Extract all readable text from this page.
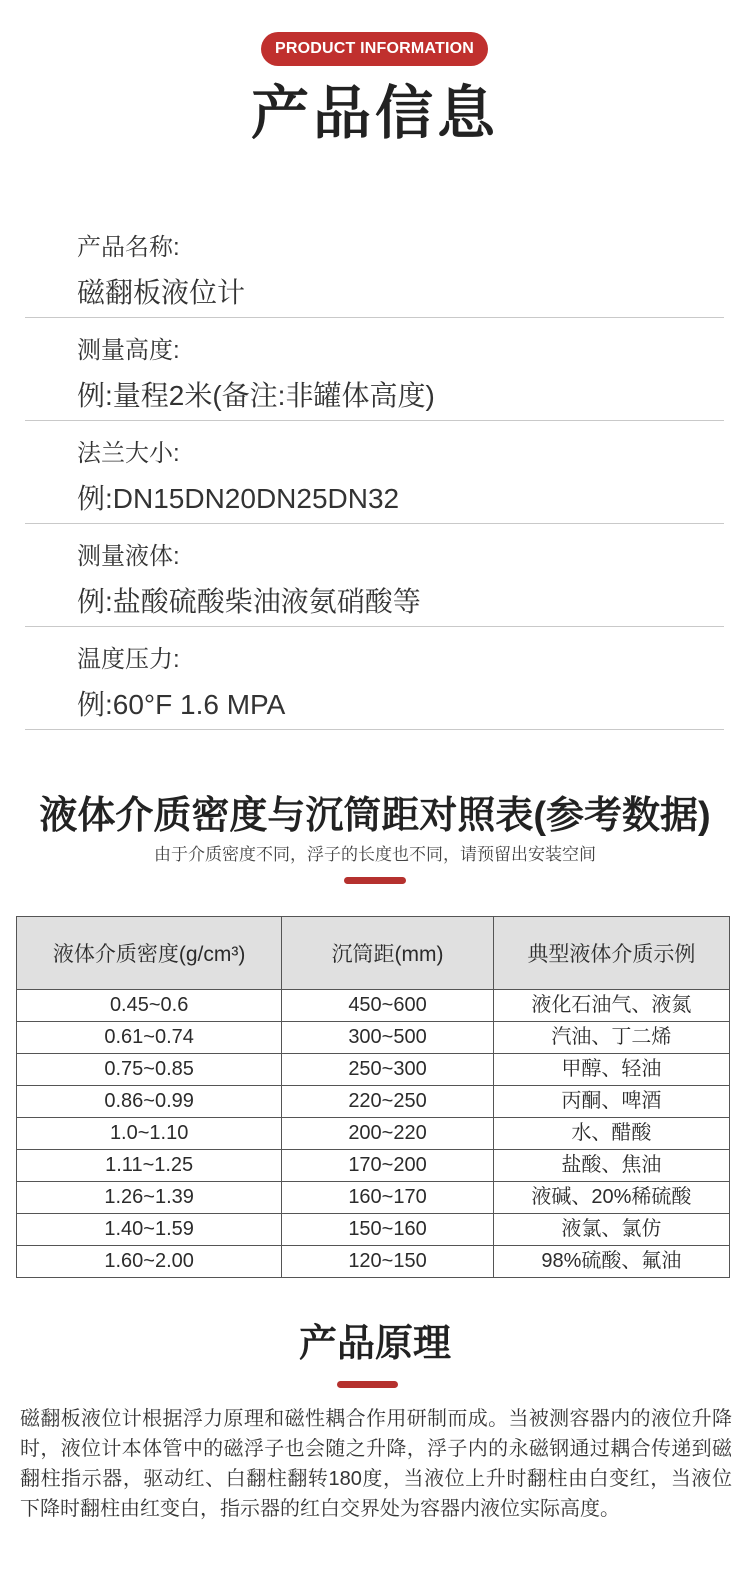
PRODUCT INFORMATION
产品信息
产品名称:
磁翻板液位计
测量高度:
例:量程2米(备注:非罐体高度)
法兰大小:
例:DN15DN20DN25DN32
测量液体:
例:盐酸硫酸柴油液氨硝酸等
温度压力:
例:60°F 1.6 MPA
液体介质密度与沉筒距对照表(参考数据)
由于介质密度不同，浮子的长度也不同，请预留出安装空间
液体介质密度(g/cm³)	沉筒距(mm)	典型液体介质示例
0.45~0.6	450~600	液化石油气、液氮
0.61~0.74	300~500	汽油、丁二烯
0.75~0.85	250~300	甲醇、轻油
0.86~0.99	220~250	丙酮、啤酒
1.0~1.10	200~220	水、醋酸
1.11~1.25	170~200	盐酸、焦油
1.26~1.39	160~170	液碱、20%稀硫酸
1.40~1.59	150~160	液氯、氯仿
1.60~2.00	120~150	98%硫酸、氟油
产品原理
磁翻板液位计根据浮力原理和磁性耦合作用研制而成。当被测容器内的液位升降时，液位计本体管中的磁浮子也会随之升降，浮子内的永磁钢通过耦合传递到磁翻柱指示器，驱动红、白翻柱翻转180度，当液位上升时翻柱由白变红，当液位下降时翻柱由红变白，指示器的红白交界处为容器内液位实际高度。
